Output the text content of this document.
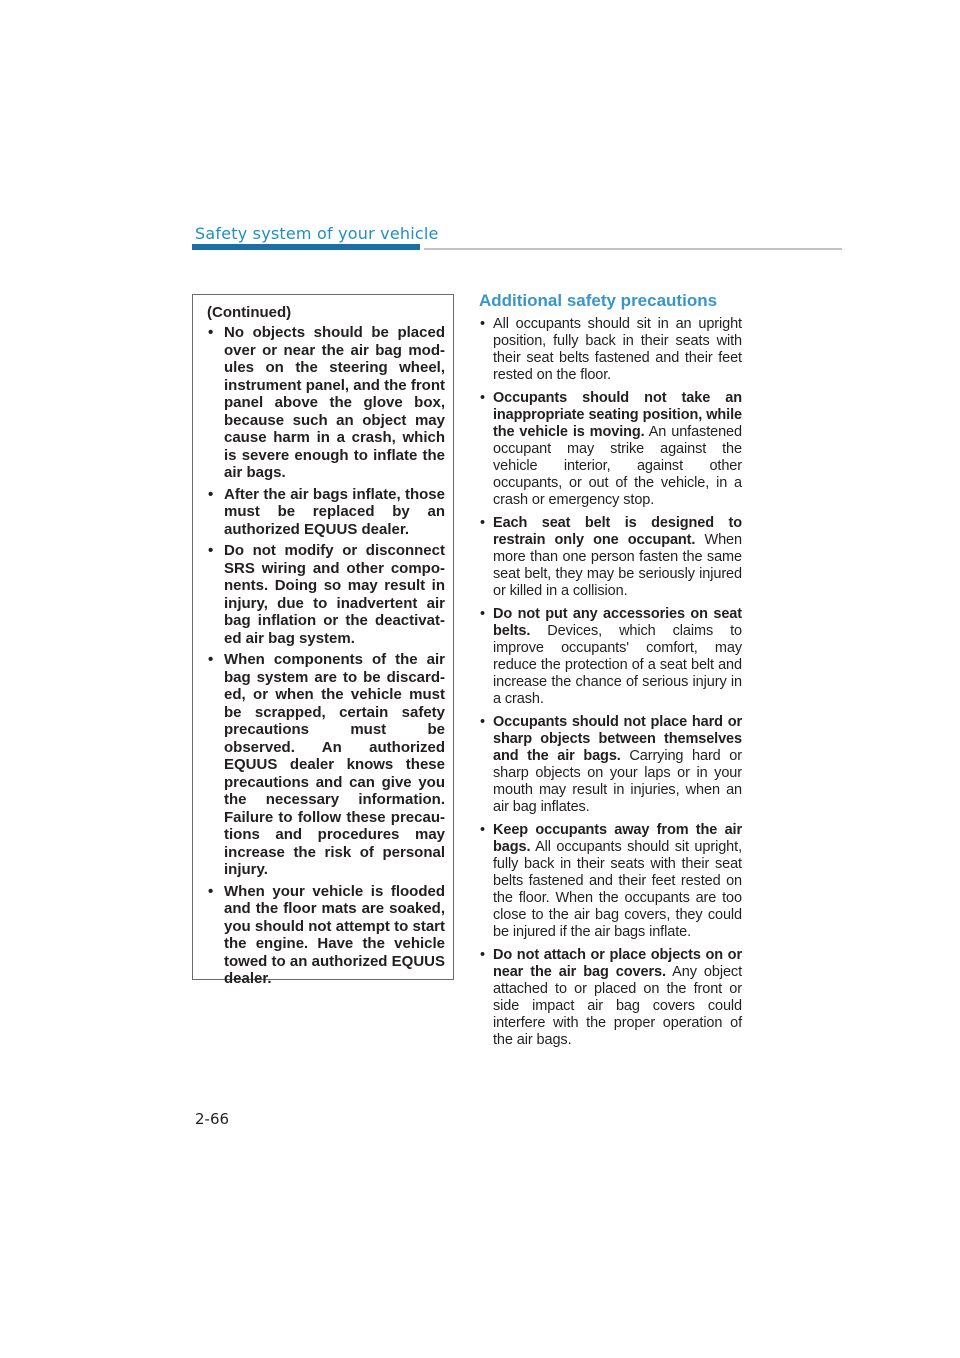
Safety system of your vehicle
(Continued)
• No objects should be placed over or near the air bag modules on the steering wheel, instrument panel, and the front panel above the glove box, because such an object may cause harm in a crash, which is severe enough to inflate the air bags.
• After the air bags inflate, those must be replaced by an authorized EQUUS dealer.
• Do not modify or disconnect SRS wiring and other components. Doing so may result in injury, due to inadvertent air bag inflation or the deactivated air bag system.
• When components of the air bag system are to be discarded, or when the vehicle must be scrapped, certain safety precautions must be observed. An authorized EQUUS dealer knows these precautions and can give you the necessary information. Failure to follow these precautions and procedures may increase the risk of personal injury.
• When your vehicle is flooded and the floor mats are soaked, you should not attempt to start the engine. Have the vehicle towed to an authorized EQUUS dealer.
Additional safety precautions
• All occupants should sit in an upright position, fully back in their seats with their seat belts fastened and their feet rested on the floor.
• Occupants should not take an inappropriate seating position, while the vehicle is moving. An unfastened occupant may strike against the vehicle interior, against other occupants, or out of the vehicle, in a crash or emergency stop.
• Each seat belt is designed to restrain only one occupant. When more than one person fasten the same seat belt, they may be seriously injured or killed in a collision.
• Do not put any accessories on seat belts. Devices, which claims to improve occupants' comfort, may reduce the protection of a seat belt and increase the chance of serious injury in a crash.
• Occupants should not place hard or sharp objects between themselves and the air bags. Carrying hard or sharp objects on your laps or in your mouth may result in injuries, when an air bag inflates.
• Keep occupants away from the air bags. All occupants should sit upright, fully back in their seats with their seat belts fastened and their feet rested on the floor. When the occupants are too close to the air bag covers, they could be injured if the air bags inflate.
• Do not attach or place objects on or near the air bag covers. Any object attached to or placed on the front or side impact air bag covers could interfere with the proper operation of the air bags.
2-66
